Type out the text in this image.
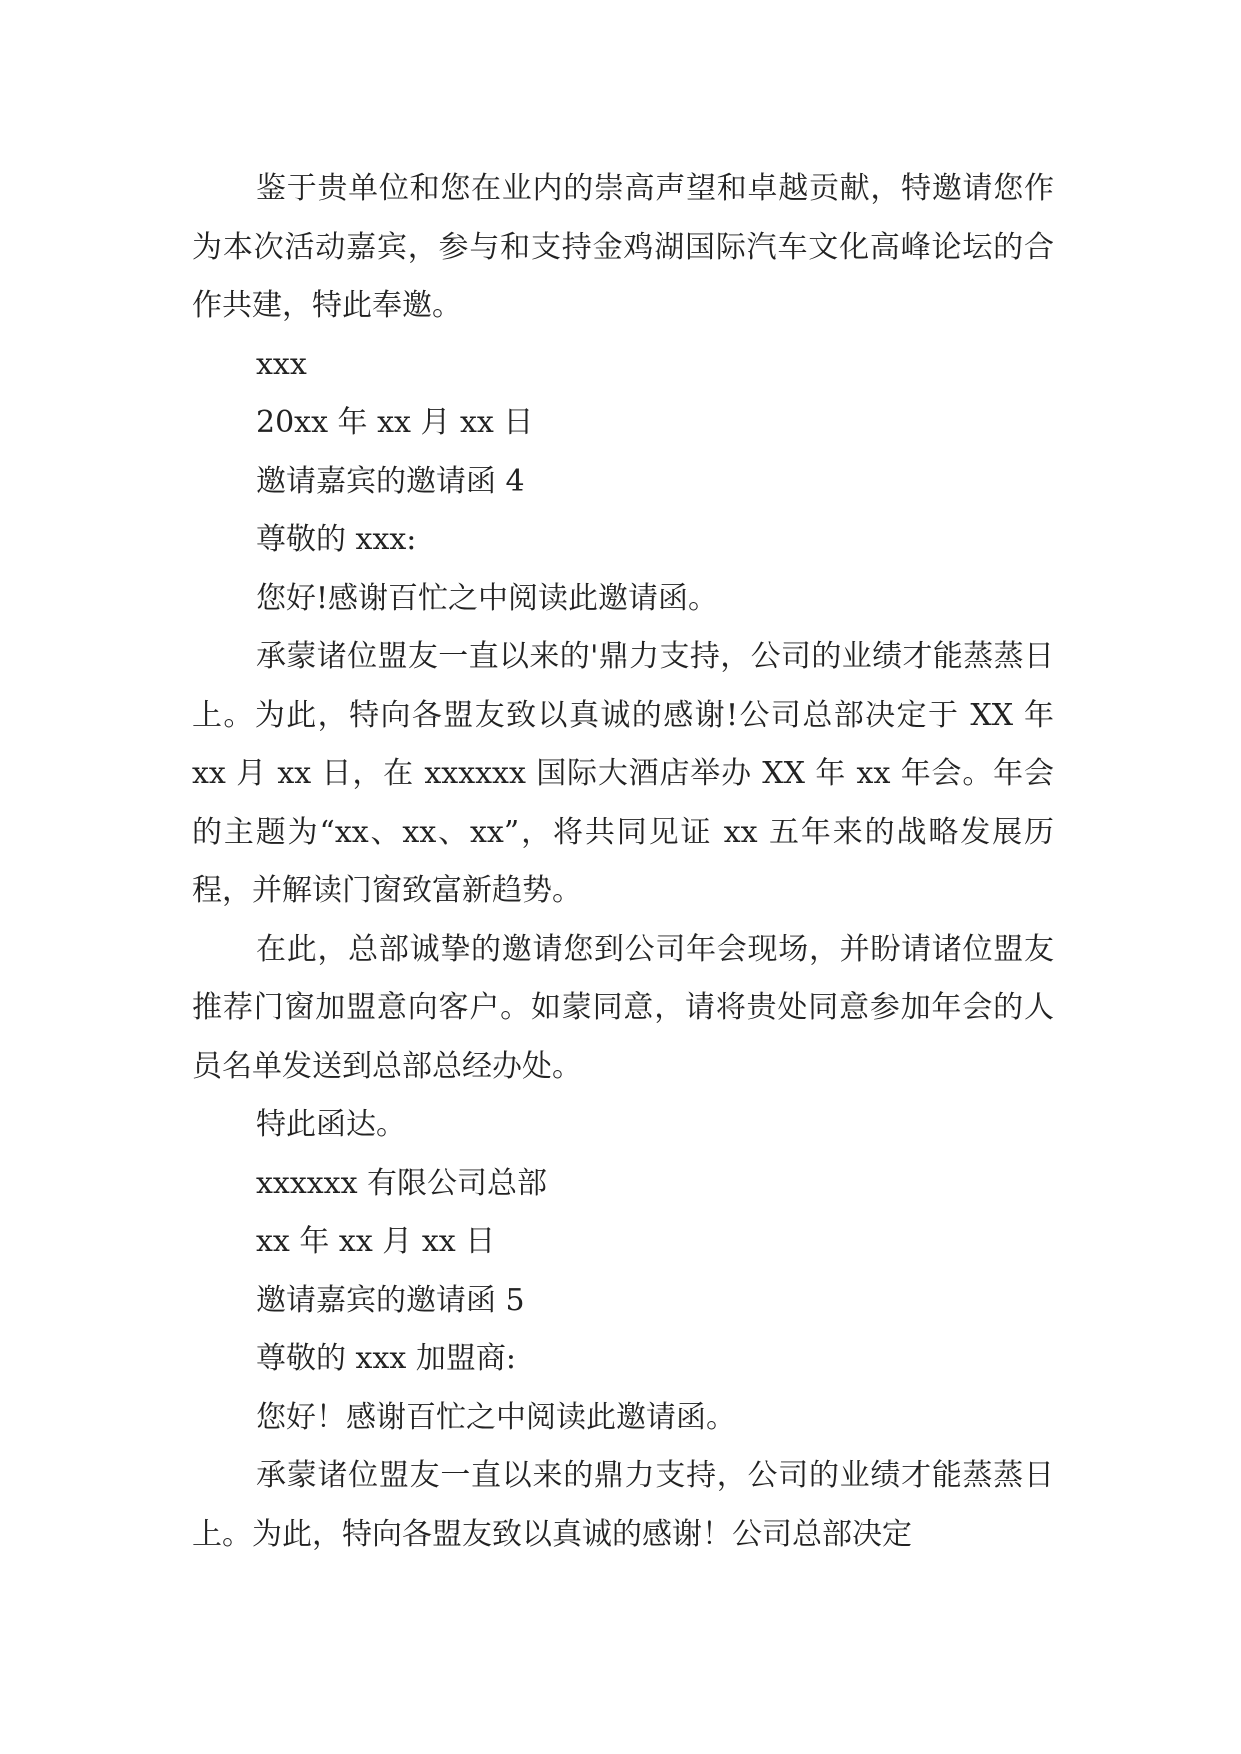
鉴于贵单位和您在业内的崇高声望和卓越贡献，特邀请您作为本次活动嘉宾，参与和支持金鸡湖国际汽车文化高峰论坛的合作共建，特此奉邀。

xxx

20xx 年 xx 月 xx 日

邀请嘉宾的邀请函 4

尊敬的 xxx:

您好!感谢百忙之中阅读此邀请函。

承蒙诸位盟友一直以来的'鼎力支持，公司的业绩才能蒸蒸日上。为此，特向各盟友致以真诚的感谢!公司总部决定于 XX 年 xx 月 xx 日，在 xxxxxx 国际大酒店举办 XX 年 xx 年会。年会的主题为“xx、xx、xx”，将共同见证 xx 五年来的战略发展历程，并解读门窗致富新趋势。

在此，总部诚挚的邀请您到公司年会现场，并盼请诸位盟友推荐门窗加盟意向客户。如蒙同意，请将贵处同意参加年会的人员名单发送到总部总经办处。

特此函达。

xxxxxx 有限公司总部

xx 年 xx 月 xx 日

邀请嘉宾的邀请函 5

尊敬的 xxx 加盟商:

您好！感谢百忙之中阅读此邀请函。

承蒙诸位盟友一直以来的鼎力支持，公司的业绩才能蒸蒸日上。为此，特向各盟友致以真诚的感谢！公司总部决定
